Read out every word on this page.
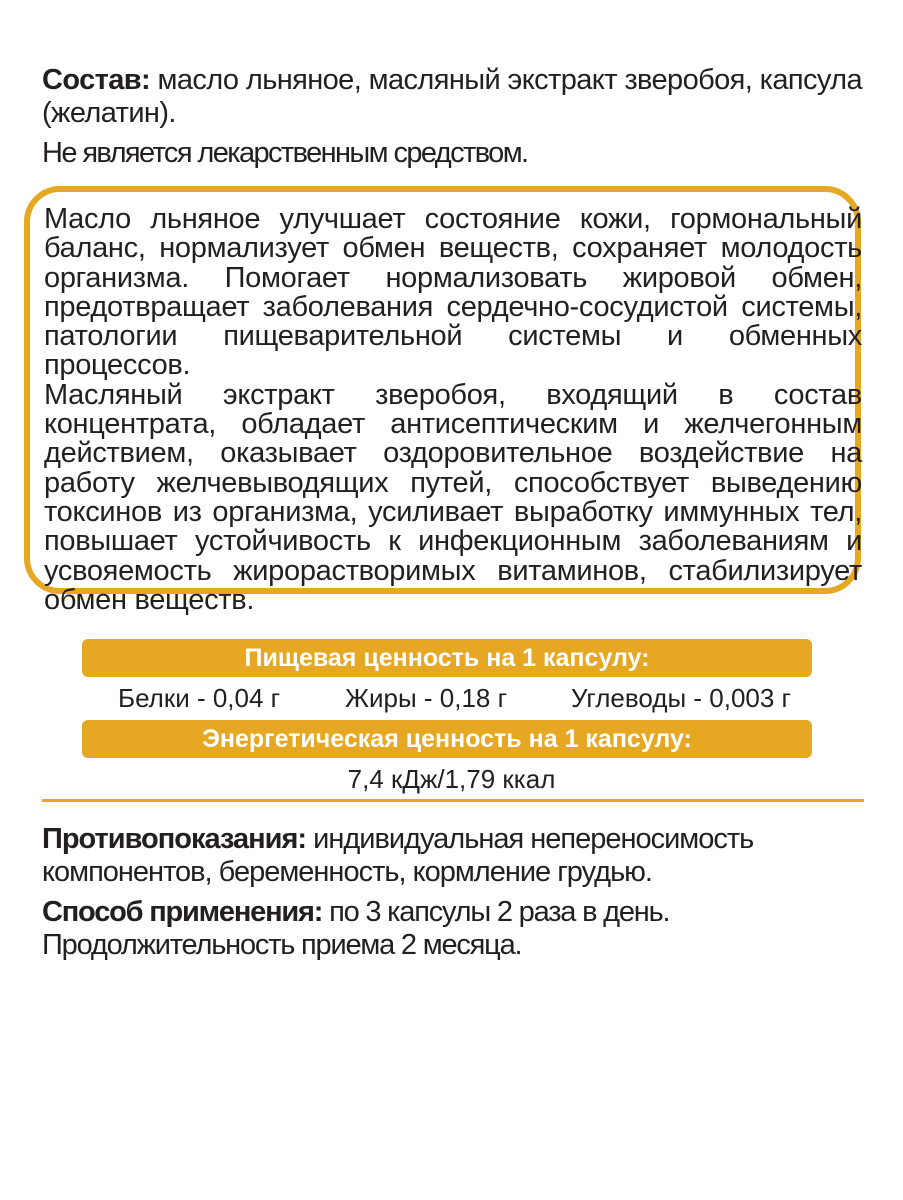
Состав: масло льняное, масляный экстракт зверобоя, капсула (желатин).
Не является лекарственным средством.

Масло льняное улучшает состояние кожи, гормональный баланс, нормализует обмен веществ, сохраняет молодость организма. Помогает нормализовать жировой обмен, предотвращает заболевания сердечно-сосудистой системы, патологии пищеварительной системы и обменных процессов.

Масляный экстракт зверобоя, входящий в состав концентрата, обладает антисептическим и желчегонным действием, оказывает оздоровительное воздействие на работу желчевыводящих путей, способствует выведению токсинов из организма, усиливает выработку иммунных тел, повышает устойчивость к инфекционным заболеваниям и усвояемость жирорастворимых витаминов, стабилизирует обмен веществ.

Пищевая ценность на 1 капсулу:
Белки - 0,04 г Жиры - 0,18 г Углеводы - 0,003 г
Энергетическая ценность на 1 капсулу:
7,4 кДж/1,79 ккал
Противопоказания: индивидуальная непереносимость компонентов, беременность, кормление грудью.
Способ применения: по 3 капсулы 2 раза в день. Продолжительность приема 2 месяца.
